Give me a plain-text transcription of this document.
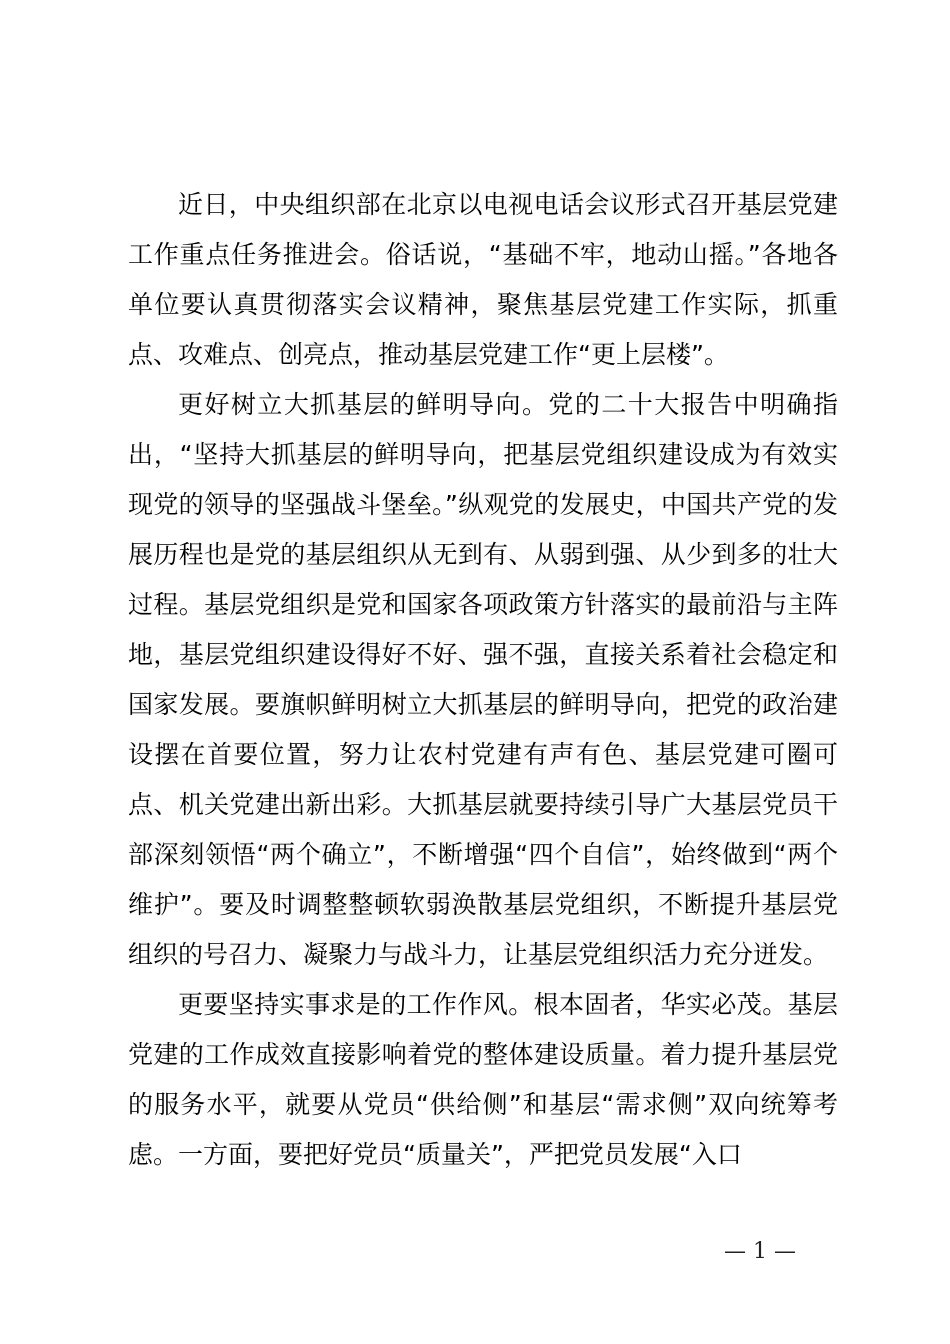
近日，中央组织部在北京以电视电话会议形式召开基层党建工作重点任务推进会。俗话说，“基础不牢，地动山摇。”各地各单位要认真贯彻落实会议精神，聚焦基层党建工作实际，抓重点、攻难点、创亮点，推动基层党建工作“更上层楼”。

更好树立大抓基层的鲜明导向。党的二十大报告中明确指出，“坚持大抓基层的鲜明导向，把基层党组织建设成为有效实现党的领导的坚强战斗堡垒。”纵观党的发展史，中国共产党的发展历程也是党的基层组织从无到有、从弱到强、从少到多的壮大过程。基层党组织是党和国家各项政策方针落实的最前沿与主阵地，基层党组织建设得好不好、强不强，直接关系着社会稳定和国家发展。要旗帜鲜明树立大抓基层的鲜明导向，把党的政治建设摆在首要位置，努力让农村党建有声有色、基层党建可圈可点、机关党建出新出彩。大抓基层就要持续引导广大基层党员干部深刻领悟“两个确立”，不断增强“四个自信”，始终做到“两个维护”。要及时调整整顿软弱涣散基层党组织，不断提升基层党组织的号召力、凝聚力与战斗力，让基层党组织活力充分迸发。

更要坚持实事求是的工作作风。根本固者，华实必茂。基层党建的工作成效直接影响着党的整体建设质量。着力提升基层党的服务水平，就要从党员“供给侧”和基层“需求侧”双向统筹考虑。一方面，要把好党员“质量关”，严把党员发展“入口

— 1 —
